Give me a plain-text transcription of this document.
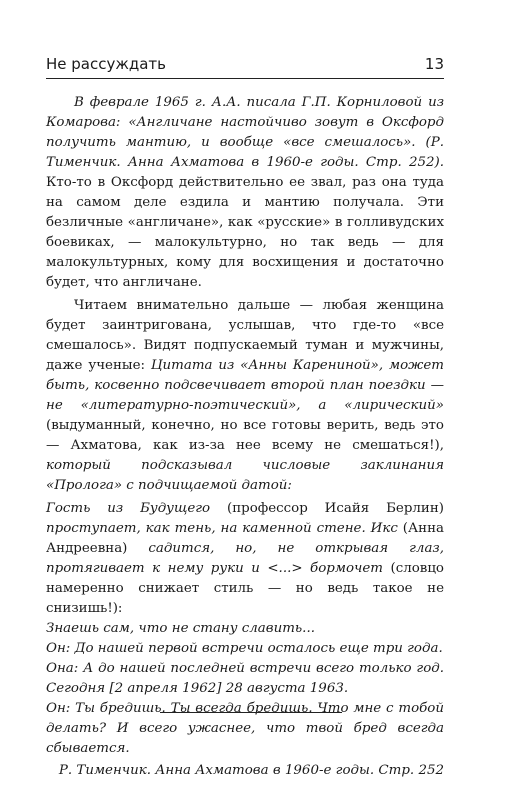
Не рассуждать	13

В феврале 1965 г. А.А. писала Г.П. Корниловой из Комарова: «Англичане настойчиво зовут в Оксфорд получить мантию, и вообще «все смешалось». (Р. Тименчик. Анна Ахматова в 1960-е годы. Стр. 252). Кто-то в Оксфорд действительно ее звал, раз она туда на самом деле ездила и мантию получала. Эти безличные «англичане», как «русские» в голливудских боевиках, — малокультурно, но так ведь — для малокультурных, кому для восхищения и достаточно будет, что англичане.

Читаем внимательно дальше — любая женщина будет заинтригована, услышав, что где-то «все смешалось». Видят подпускаемый туман и мужчины, даже ученые: Цитата из «Анны Карениной», может быть, косвенно подсвечивает второй план поездки — не «литературно-поэтический», а «лирический» (выдуманный, конечно, но все готовы верить, ведь это — Ахматова, как из-за нее всему не смешаться!), который подсказывал числовые заклинания «Пролога» с подчищаемой датой:

Гость из Будущего (профессор Исайя Берлин) проступает, как тень, на каменной стене. Икс (Анна Андреевна) садится, но, не открывая глаз, протягивает к нему руки и <...> бормочет (словцо намеренно снижает стиль — но ведь такое не снизишь!):

Знаешь сам, что не стану славить...

Он: До нашей первой встречи осталось еще три года.

Она: А до нашей последней встречи всего только год. Сегодня [2 апреля 1962] 28 августа 1963.

Он: Ты бредишь. Ты всегда бредишь. Что мне с тобой делать? И всего ужаснее, что твой бред всегда сбывается.

Р. Тименчик. Анна Ахматова в 1960-е годы. Стр. 252
